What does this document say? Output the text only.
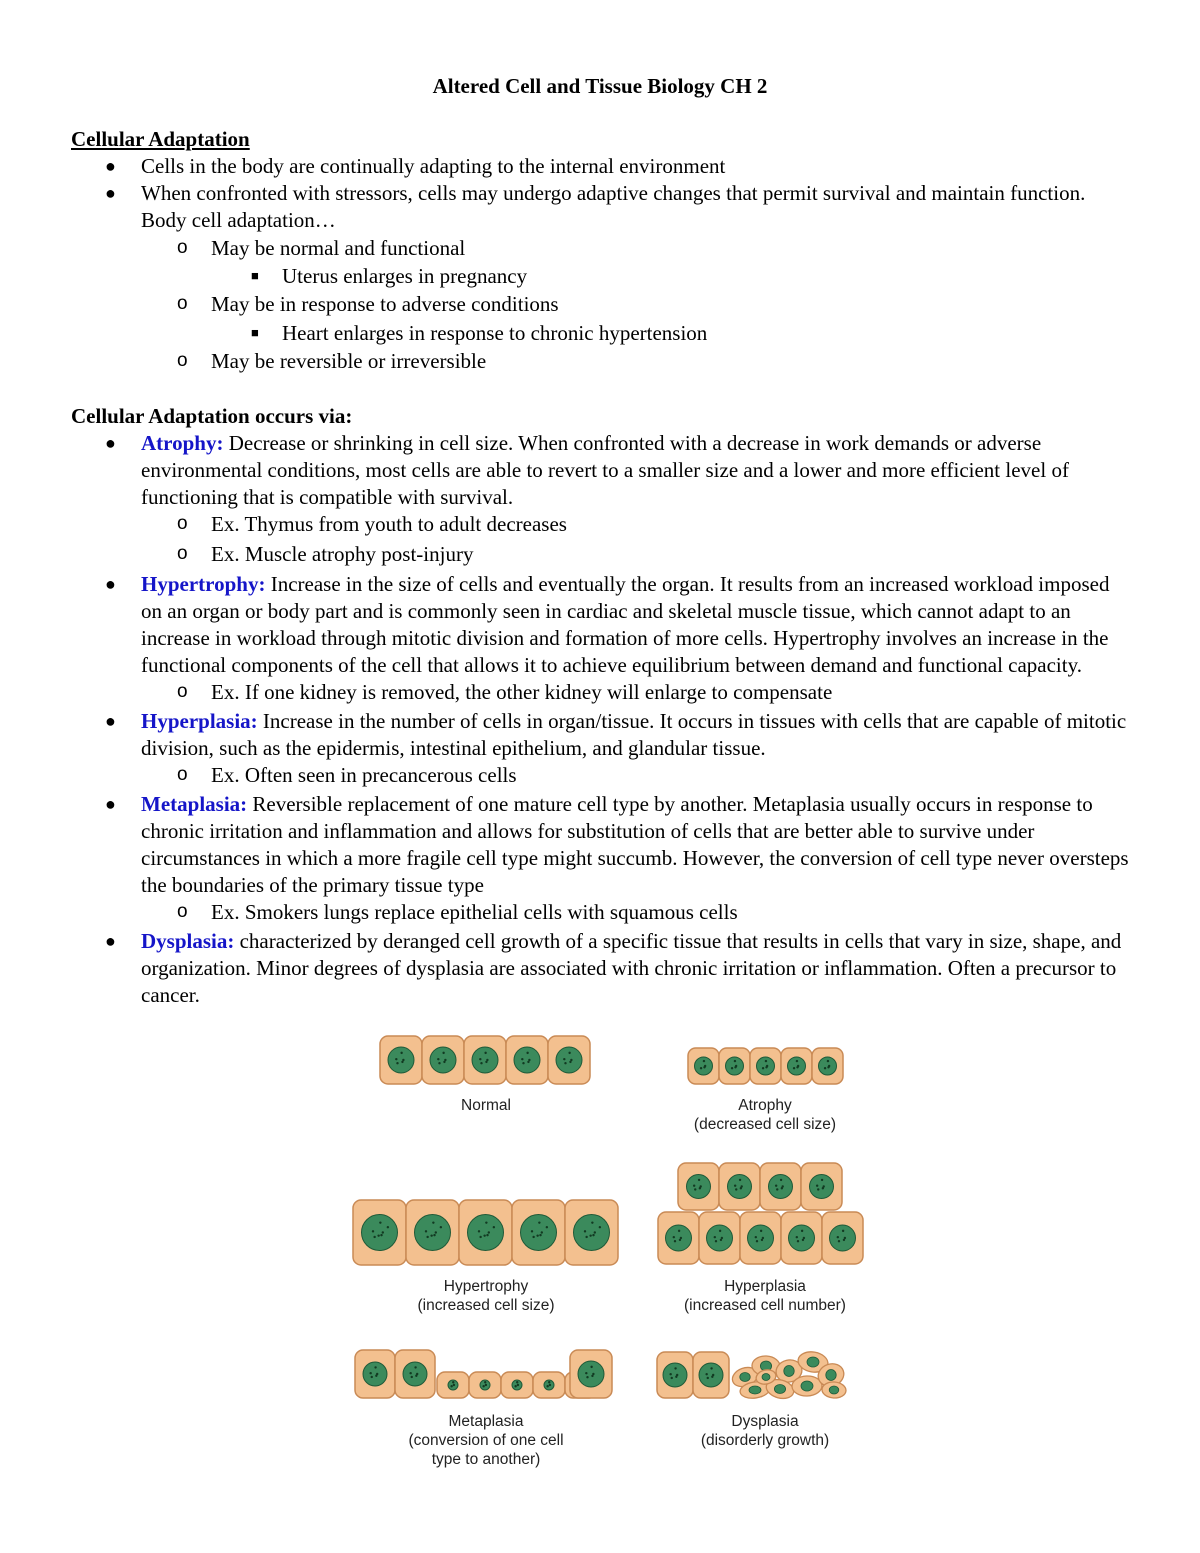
Altered Cell and Tissue Biology CH 2
Cellular Adaptation
● Cells in the body are continually adapting to the internal environment
● When confronted with stressors, cells may undergo adaptive changes that permit survival and maintain function. Body cell adaptation…
o May be normal and functional
■ Uterus enlarges in pregnancy
o May be in response to adverse conditions
■ Heart enlarges in response to chronic hypertension
o May be reversible or irreversible
Cellular Adaptation occurs via:
● Atrophy: Decrease or shrinking in cell size. When confronted with a decrease in work demands or adverse environmental conditions, most cells are able to revert to a smaller size and a lower and more efficient level of functioning that is compatible with survival.
o Ex. Thymus from youth to adult decreases
o Ex. Muscle atrophy post-injury
● Hypertrophy: Increase in the size of cells and eventually the organ. It results from an increased workload imposed on an organ or body part and is commonly seen in cardiac and skeletal muscle tissue, which cannot adapt to an increase in workload through mitotic division and formation of more cells. Hypertrophy involves an increase in the functional components of the cell that allows it to achieve equilibrium between demand and functional capacity.
o Ex. If one kidney is removed, the other kidney will enlarge to compensate
● Hyperplasia: Increase in the number of cells in organ/tissue. It occurs in tissues with cells that are capable of mitotic division, such as the epidermis, intestinal epithelium, and glandular tissue.
o Ex. Often seen in precancerous cells
● Metaplasia: Reversible replacement of one mature cell type by another. Metaplasia usually occurs in response to chronic irritation and inflammation and allows for substitution of cells that are better able to survive under circumstances in which a more fragile cell type might succumb. However, the conversion of cell type never oversteps the boundaries of the primary tissue type
o Ex. Smokers lungs replace epithelial cells with squamous cells
● Dysplasia: characterized by deranged cell growth of a specific tissue that results in cells that vary in size, shape, and organization. Minor degrees of dysplasia are associated with chronic irritation or inflammation. Often a precursor to cancer.
Normal	Atrophy
(decreased cell size)
Hypertrophy
(increased cell size)
Hyperplasia
(increased cell number)
Metaplasia
(conversion of one cell
type to another)
Dysplasia
(disorderly growth)
